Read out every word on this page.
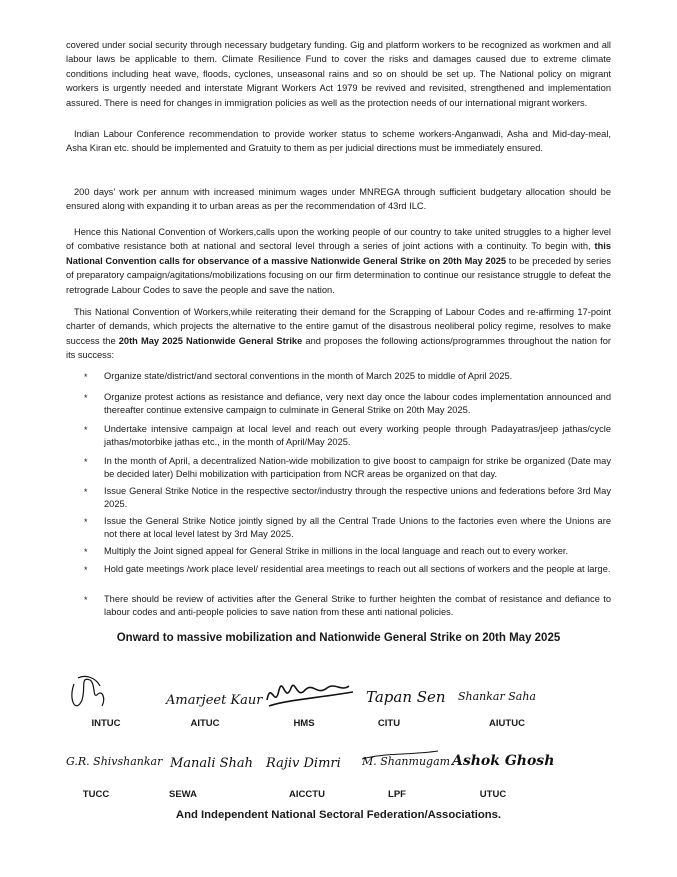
covered under social security through necessary budgetary funding. Gig and platform workers to be recognized as workmen and all labour laws be applicable to them. Climate Resilience Fund to cover the risks and damages caused due to extreme climate conditions including heat wave, floods, cyclones, unseasonal rains and so on should be set up. The National policy on migrant workers is urgently needed and interstate Migrant Workers Act 1979 be revived and revisited, strengthened and implementation assured. There is need for changes in immigration policies as well as the protection needs of our international migrant workers.

Indian Labour Conference recommendation to provide worker status to scheme workers-Anganwadi, Asha and Mid-day-meal, Asha Kiran etc. should be implemented and Gratuity to them as per judicial directions must be immediately ensured.

200 days’ work per annum with increased minimum wages under MNREGA through sufficient budgetary allocation should be ensured along with expanding it to urban areas as per the recommendation of 43rd ILC.

Hence this National Convention of Workers,calls upon the working people of our country to take united struggles to a higher level of combative resistance both at national and sectoral level through a series of joint actions with a continuity. To begin with, this National Convention calls for observance of a massive Nationwide General Strike on 20th May 2025 to be preceded by series of preparatory campaign/agitations/mobilizations focusing on our firm determination to continue our resistance struggle to defeat the retrograde Labour Codes to save the people and save the nation.

This National Convention of Workers,while reiterating their demand for the Scrapping of Labour Codes and re-affirming 17-point charter of demands, which projects the alternative to the entire gamut of the disastrous neoliberal policy regime, resolves to make success the 20th May 2025 Nationwide General Strike and proposes the following actions/programmes throughout the nation for its success:

* Organize state/district/and sectoral conventions in the month of March 2025 to middle of April 2025.
* Organize protest actions as resistance and defiance, very next day once the labour codes implementation announced and thereafter continue extensive campaign to culminate in General Strike on 20th May 2025.
* Undertake intensive campaign at local level and reach out every working people through Padayatras/jeep jathas/cycle jathas/motorbike jathas etc., in the month of April/May 2025.
* In the month of April, a decentralized Nation-wide mobilization to give boost to campaign for strike be organized (Date may be decided later) Delhi mobilization with participation from NCR areas be organized on that day.
* Issue General Strike Notice in the respective sector/industry through the respective unions and federations before 3rd May 2025.
* Issue the General Strike Notice jointly signed by all the Central Trade Unions to the factories even where the Unions are not there at local level latest by 3rd May 2025.
* Multiply the Joint signed appeal for General Strike in millions in the local language and reach out to every worker.
* Hold gate meetings /work place level/ residential area meetings to reach out all sections of workers and the people at large.
* There should be review of activities after the General Strike to further heighten the combat of resistance and defiance to labour codes and anti-people policies to save nation from these anti national policies.

Onward to massive mobilization and Nationwide General Strike on 20th May 2025

INTUC
Amarjeet Kaur
AITUC	HMS
Tapan Sen
CITU
Shankar Saha
AIUTUC
G.R. Shivshankar
TUCC
Manali Shah
SEWA
Rajiv Dimri
AICCTU
M. Shanmugam
LPF
Ashok Ghosh
UTUC

And Independent National Sectoral Federation/Associations.
